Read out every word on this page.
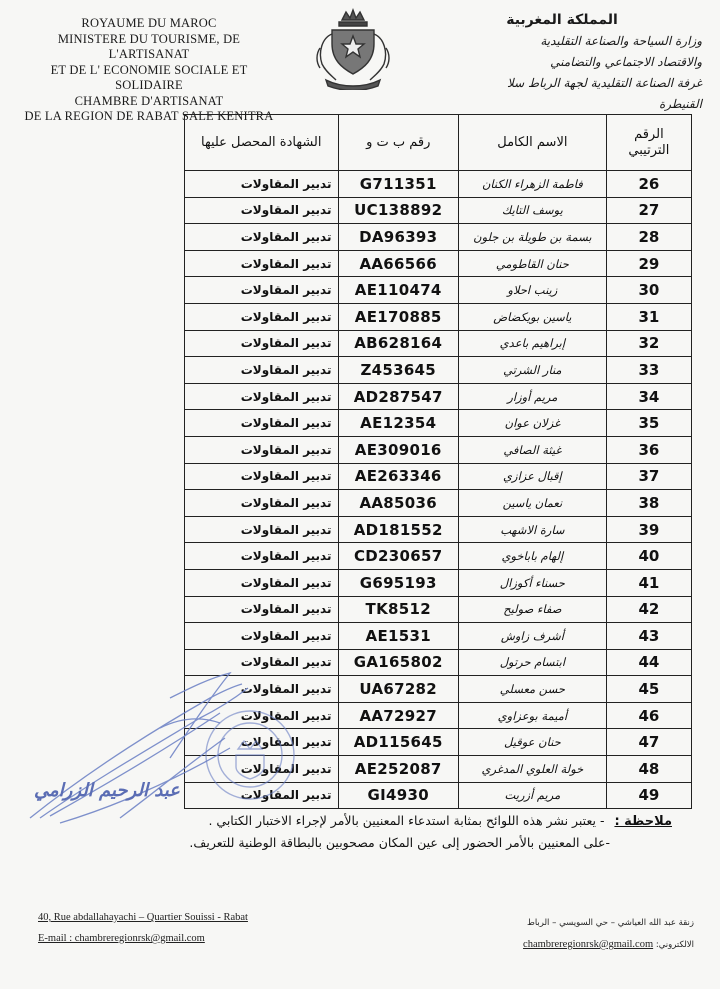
ROYAUME DU MAROC
MINISTERE DU TOURISME, DE L'ARTISANAT
ET DE L' ECONOMIE SOCIALE ET SOLIDAIRE
CHAMBRE D'ARTISANAT
DE LA REGION DE RABAT SALE KENITRA
المملكة المغربية
وزارة السياحة والصناعة التقليدية
والاقتصاد الاجتماعي والتضامني
غرفة الصناعة التقليدية لجهة الرباط سلا القنيطرة
الرقم الترتيبي	الاسم الكامل	رقم ب ت و	الشهادة المحصل عليها
26	فاطمة الزهراء الكنان	G711351	تدبير المقاولات
27	يوسف التايك	UC138892	تدبير المقاولات
28	بسمة بن طويلة بن جلون	DA96393	تدبير المقاولات
29	حنان القاطومي	AA66566	تدبير المقاولات
30	زينب احلاو	AE110474	تدبير المقاولات
31	ياسين بويكضاض	AE170885	تدبير المقاولات
32	إبراهيم باعدي	AB628164	تدبير المقاولات
33	منار الشرتي	Z453645	تدبير المقاولات
34	مريم أوزار	AD287547	تدبير المقاولات
35	غزلان عوان	AE12354	تدبير المقاولات
36	غيثة الصافي	AE309016	تدبير المقاولات
37	إقبال عزازي	AE263346	تدبير المقاولات
38	نعمان ياسين	AA85036	تدبير المقاولات
39	سارة الاشهب	AD181552	تدبير المقاولات
40	إلهام باباخوي	CD230657	تدبير المقاولات
41	حسناء أكوزال	G695193	تدبير المقاولات
42	صفاء صوليح	TK8512	تدبير المقاولات
43	أشرف زاوش	AE1531	تدبير المقاولات
44	ابتسام حرتول	GA165802	تدبير المقاولات
45	حسن معسلي	UA67282	تدبير المقاولات
46	أميمة بوعزاوي	AA72927	تدبير المقاولات
47	حنان عوقيل	AD115645	تدبير المقاولات
48	خولة العلوي المدغري	AE252087	تدبير المقاولات
49	مريم أزريت	GI4930	تدبير المقاولات
عبد الرحيم الزرامي
ملاحظة : - يعتبر نشر هذه اللوائح بمثابة استدعاء المعنيين بالأمر لإجراء الاختبار الكتابي .
-على المعنيين بالأمر الحضور إلى عين المكان مصحوبين بالبطاقة الوطنية للتعريف.
40, Rue abdallahayachi – Quartier Souissi - Rabat
E-mail : chambreregionrsk@gmail.com
زنقة عبد الله العياشي – حي السويسي – الرباط
الالكتروني: chambreregionrsk@gmail.com
